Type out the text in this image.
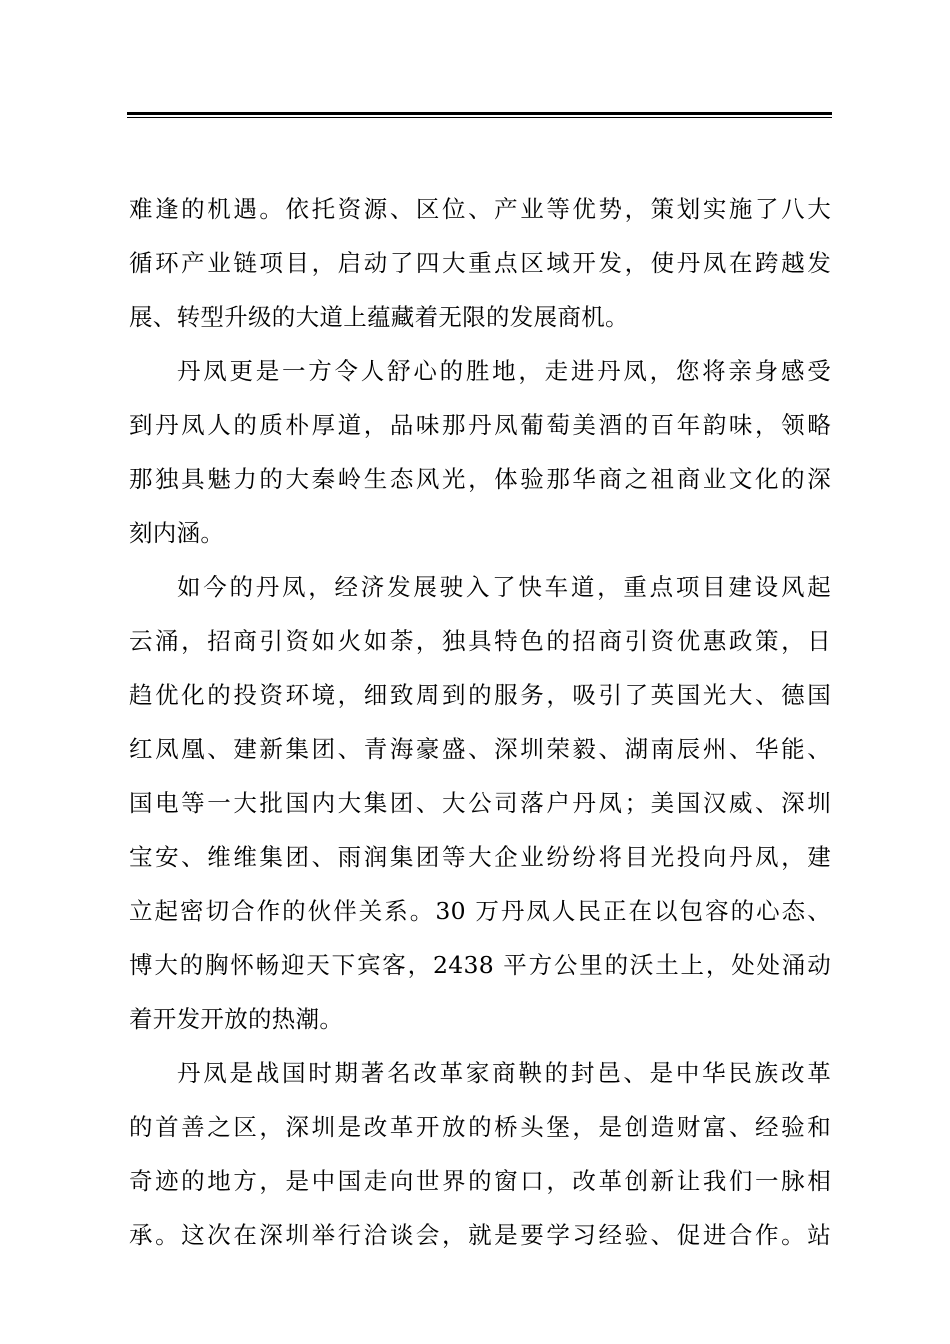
难逢的机遇。依托资源、区位、产业等优势，策划实施了八大
循环产业链项目，启动了四大重点区域开发，使丹凤在跨越发
展、转型升级的大道上蕴藏着无限的发展商机。
丹凤更是一方令人舒心的胜地，走进丹凤，您将亲身感受
到丹凤人的质朴厚道，品味那丹凤葡萄美酒的百年韵味，领略
那独具魅力的大秦岭生态风光，体验那华商之祖商业文化的深
刻内涵。
如今的丹凤，经济发展驶入了快车道，重点项目建设风起
云涌，招商引资如火如荼，独具特色的招商引资优惠政策，日
趋优化的投资环境，细致周到的服务，吸引了英国光大、德国
红凤凰、建新集团、青海豪盛、深圳荣毅、湖南辰州、华能、
国电等一大批国内大集团、大公司落户丹凤；美国汉威、深圳
宝安、维维集团、雨润集团等大企业纷纷将目光投向丹凤，建
立起密切合作的伙伴关系。30 万丹凤人民正在以包容的心态、
博大的胸怀畅迎天下宾客，2438 平方公里的沃土上，处处涌动
着开发开放的热潮。
丹凤是战国时期著名改革家商鞅的封邑、是中华民族改革
的首善之区，深圳是改革开放的桥头堡，是创造财富、经验和
奇迹的地方，是中国走向世界的窗口，改革创新让我们一脉相
承。这次在深圳举行洽谈会，就是要学习经验、促进合作。站
